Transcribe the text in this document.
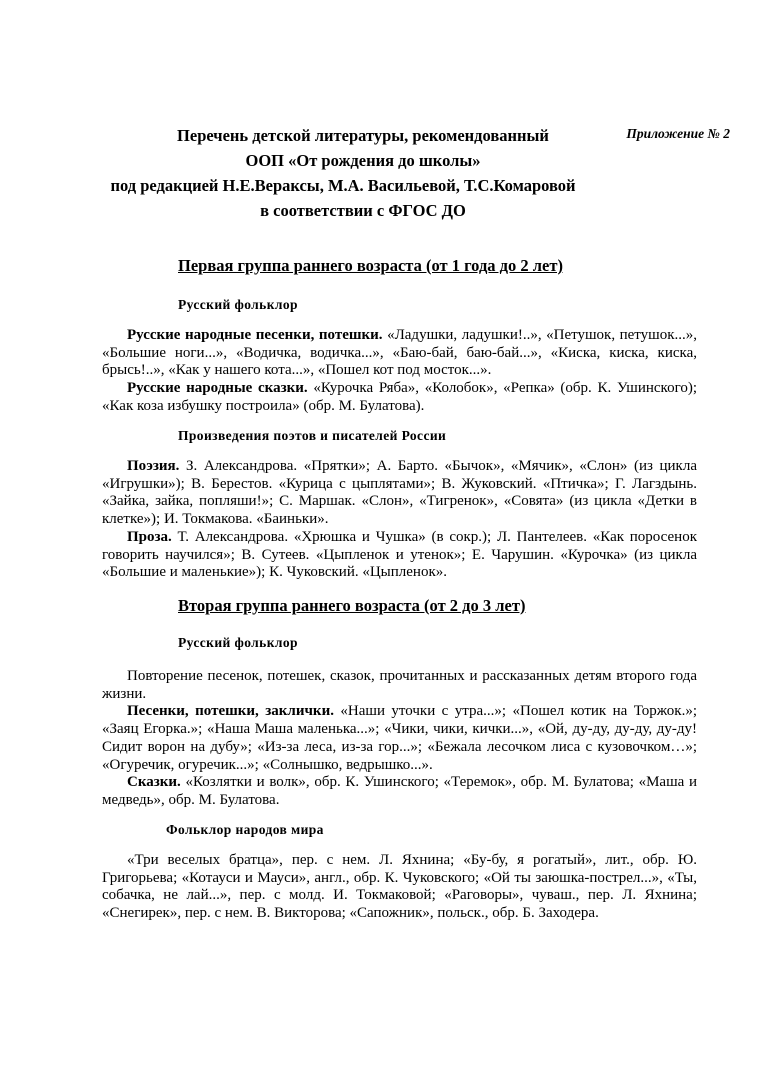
Приложение № 2
Перечень детской литературы, рекомендованный
ООП «От рождения до школы»
под редакцией Н.Е.Вераксы, М.А. Васильевой, Т.С.Комаровой
в соответствии с ФГОС ДО
Первая группа раннего возраста (от 1 года до 2 лет)
Русский фольклор

Русские народные песенки, потешки. «Ладушки, ладушки!..», «Петушок, петушок...», «Большие ноги...», «Водичка, водичка...», «Баю-бай, баю-бай...», «Киска, киска, киска, брысь!..», «Как у нашего кота...», «Пошел кот под мосток...».

Русские народные сказки. «Курочка Ряба», «Колобок», «Репка» (обр. К. Ушинского); «Как коза избушку построила» (обр. М. Булатова).

Произведения поэтов и писателей России

Поэзия. З. Александрова. «Прятки»; А. Барто. «Бычок», «Мячик», «Слон» (из цикла «Игрушки»); В. Берестов. «Курица с цыплятами»; В. Жуковский. «Птичка»; Г. Лагздынь. «Зайка, зайка, попляши!»; С. Маршак. «Слон», «Тигренок», «Совята» (из цикла «Детки в клетке»); И. Токмакова. «Баиньки».

Проза. Т. Александрова. «Хрюшка и Чушка» (в сокр.); Л. Пантелеев. «Как поросенок говорить научился»; В. Сутеев. «Цыпленок и утенок»; Е. Чарушин. «Курочка» (из цикла «Большие и маленькие»); К. Чуковский. «Цыпленок».

Вторая группа раннего возраста (от 2 до 3 лет)
Русский фольклор

Повторение песенок, потешек, сказок, прочитанных и рассказанных детям второго года жизни.

Песенки, потешки, заклички. «Наши уточки с утра...»; «Пошел котик на Торжок.»; «Заяц Егорка.»; «Наша Маша маленька...»; «Чики, чики, кички...», «Ой, ду-ду, ду-ду, ду-ду! Сидит ворон на дубу»; «Из-за леса, из-за гор...»; «Бежала лесочком лиса с кузовочком…»; «Огуречик, огуречик...»; «Солнышко, ведрышко...».

Сказки. «Козлятки и волк», обр. К. Ушинского; «Теремок», обр. М. Булатова; «Маша и медведь», обр. М. Булатова.

Фольклор народов мира

«Три веселых братца», пер. с нем. Л. Яхнина; «Бу-бу, я рогатый», лит., обр. Ю. Григорьева; «Котауси и Мауси», англ., обр. К. Чуковского; «Ой ты заюшка-пострел...», «Ты, собачка, не лай...», пер. с молд. И. Токмаковой; «Раговоры», чуваш., пер. Л. Яхнина; «Снегирек», пер. с нем. В. Викторова; «Сапожник», польск., обр. Б. Заходера.
